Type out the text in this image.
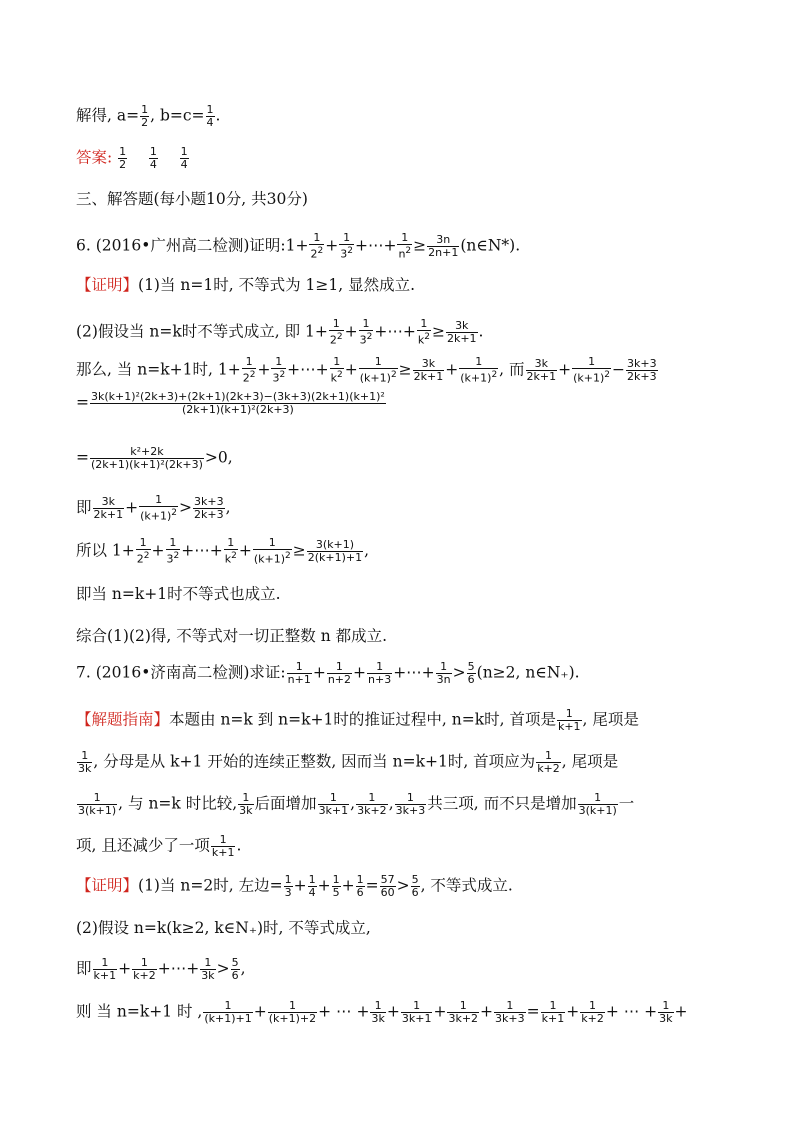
解得, $a= \frac{1}{2}$ , $b=c= \frac{1}{4}$ .
答案: $\frac{1}{2}$
$\frac{1}{4}$
$\frac{1}{4}$
三、解答题(每小题10分, 共30分)
6. (2016•广州高二检测)证明:1+ $\frac{1}{2^2} + \frac{1}{3^2}$ +⋯+ $\frac{1}{n^2} \ge \frac{3n}{2n+1}$ (n∈N*).
【证明】(1)当 n=1时, 不等式为 1≥1, 显然成立.
(2)假设当 n=k时不等式成立, 即 $1+ \frac{1}{2^2} + \frac{1}{3^2}$ +⋯+ $\frac{1}{k^2} \ge \frac{3k}{2k+1}$ .
那么, 当 n=k+1时, $1+ \frac{1}{2^2} + \frac{1}{3^2}$ +⋯+ $\frac{1}{k^2} + \frac{1}{(k+1)^2} \ge \frac{3k}{2k+1} + \frac{1}{(k+1)^2}$ , 而 $\frac{3k}{2k+1} + \frac{1}{(k+1)^2} - \frac{3k+3}{2k+3}$
= $\frac{\text{3k(k+1)²(2k+3)+(2k+1)(2k+3)−(3k+3)(2k+1)(k+1)²}}{\text{(2k+1)(k+1)²(2k+3)}}$
= $\frac{\text{k²+2k}}{\text{(2k+1)(k+1)²(2k+3)}} >0$,
即 $\frac{3k}{2k+1} + \frac{1}{(k+1)^2} > \frac{3k+3}{2k+3}$ ,
所以 $1+ \frac{1}{2^2} + \frac{1}{3^2}$ +⋯+ $\frac{1}{k^2} + \frac{1}{(k+1)^2} \ge \frac{3(k+1)}{2(k+1)+1}$ ,
即当 n=k+1时不等式也成立.
综合(1)(2)得, 不等式对一切正整数 n 都成立.
7. (2016•济南高二检测)求证: $\frac{1}{n+1} + \frac{1}{n+2} + \frac{1}{n+3}$ +⋯+ $\frac{1}{3n} > \frac{5}{6} (n\ge 2$, n∈N₊).
【解题指南】本题由 n=k 到 n=k+1时的推证过程中, n=k时, 首项是 $\frac{1}{k+1}$ , 尾项是
$\frac{1}{3k}$ , 分母是从 k+1 开始的连续正整数, 因而当 n=k+1时, 首项应为 $\frac{1}{k+2}$ , 尾项是
$\frac{1}{3(k+1)}$ , 与 n=k 时比较, $\frac{1}{3k}$ 后面增加 $\frac{1}{3k+1}$ , $\frac{1}{3k+2}$ , $\frac{1}{3k+3}$ 共三项, 而不只是增加 $\frac{1}{3(k+1)}$ 一
项, 且还减少了一项 $\frac{1}{k+1}$ .
【证明】(1)当 n=2时, 左边= $\frac{1}{3} + \frac{1}{4} + \frac{1}{5} + \frac{1}{6} = \frac{57}{60} > \frac{5}{6}$ , 不等式成立.
(2)假设 n=k(k≥2, k∈N₊)时, 不等式成立,
即 $\frac{1}{k+1} + \frac{1}{k+2}$ +⋯+ $\frac{1}{3k} > \frac{5}{6}$ ,
则 当 n=k+1 时 , $\frac{1}{(k+1)+1} + \frac{1}{(k+1)+2}$ + ⋯ + $\frac{1}{3k} + \frac{1}{3k+1} + \frac{1}{3k+2} + \frac{1}{3k+3} = \frac{1}{k+1} + \frac{1}{k+2}$ + ⋯ + $\frac{1}{3k}$ +
